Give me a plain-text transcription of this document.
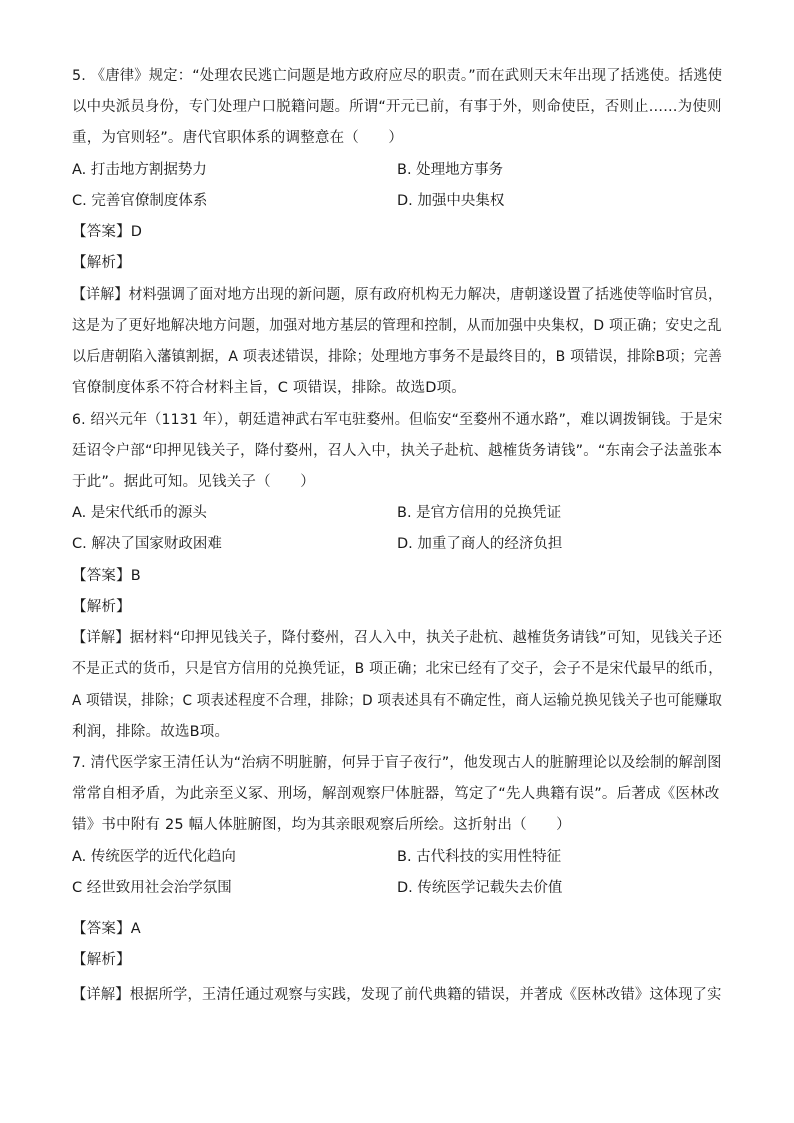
5. 《唐律》规定：“处理农民逃亡问题是地方政府应尽的职责。”而在武则天末年出现了括逃使。括逃使
以中央派员身份，专门处理户口脱籍问题。所谓“开元已前，有事于外，则命使臣，否则止……为使则
重，为官则轻”。唐代官职体系的调整意在（　　）
A. 打击地方割据势力	B. 处理地方事务
C. 完善官僚制度体系	D. 加强中央集权
【答案】D
【解析】
【详解】材料强调了面对地方出现的新问题，原有政府机构无力解决，唐朝遂设置了括逃使等临时官员，
这是为了更好地解决地方问题，加强对地方基层的管理和控制，从而加强中央集权，D 项正确；安史之乱
以后唐朝陷入藩镇割据，A 项表述错误，排除；处理地方事务不是最终目的，B 项错误，排除B项；完善
官僚制度体系不符合材料主旨，C 项错误，排除。故选D项。
6. 绍兴元年（1131 年），朝廷遣神武右军屯驻婺州。但临安“至婺州不通水路”，难以调拨铜钱。于是宋
廷诏令户部“印押见钱关子，降付婺州，召人入中，执关子赴杭、越榷货务请钱”。“东南会子法盖张本
于此”。据此可知。见钱关子（　　）
A. 是宋代纸币的源头	B. 是官方信用的兑换凭证
C. 解决了国家财政困难	D. 加重了商人的经济负担
【答案】B
【解析】
【详解】据材料“印押见钱关子，降付婺州，召人入中，执关子赴杭、越榷货务请钱”可知，见钱关子还
不是正式的货币，只是官方信用的兑换凭证，B 项正确；北宋已经有了交子，会子不是宋代最早的纸币，
A 项错误，排除；C 项表述程度不合理，排除；D 项表述具有不确定性，商人运输兑换见钱关子也可能赚取
利润，排除。故选B项。
7. 清代医学家王清任认为“治病不明脏腑，何异于盲子夜行”，他发现古人的脏腑理论以及绘制的解剖图
常常自相矛盾，为此亲至义冢、刑场，解剖观察尸体脏器，笃定了“先人典籍有误”。后著成《医林改
错》书中附有 25 幅人体脏腑图，均为其亲眼观察后所绘。这折射出（　　）
A. 传统医学的近代化趋向	B. 古代科技的实用性特征
C 经世致用社会治学氛围	D. 传统医学记载失去价值
【答案】A
【解析】
【详解】根据所学，王清任通过观察与实践，发现了前代典籍的错误，并著成《医林改错》这体现了实
